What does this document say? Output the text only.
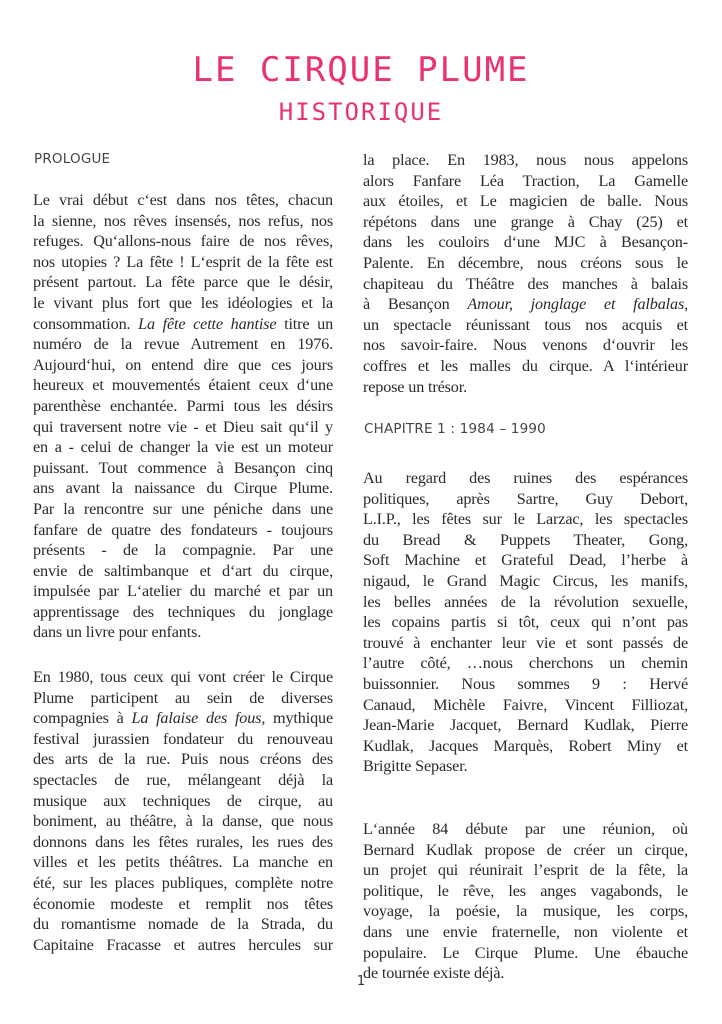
LE CIRQUE PLUME
HISTORIQUE
PROLOGUE
Le vrai début c‘est dans nos têtes, chacun
la sienne, nos rêves insensés, nos refus, nos
refuges. Qu‘allons-nous faire de nos rêves,
nos utopies ? La fête ! L‘esprit de la fête est
présent partout. La fête parce que le désir,
le vivant plus fort que les idéologies et la
consommation. La fête cette hantise titre un
numéro de la revue Autrement en 1976.
Aujourd‘hui, on entend dire que ces jours
heureux et mouvementés étaient ceux d‘une
parenthèse enchantée. Parmi tous les désirs
qui traversent notre vie - et Dieu sait qu‘il y
en a - celui de changer la vie est un moteur
puissant. Tout commence à Besançon cinq
ans avant la naissance du Cirque Plume.
Par la rencontre sur une péniche dans une
fanfare de quatre des fondateurs - toujours
présents - de la compagnie. Par une
envie de saltimbanque et d‘art du cirque,
impulsée par L‘atelier du marché et par un
apprentissage des techniques du jonglage
dans un livre pour enfants.
En 1980, tous ceux qui vont créer le Cirque
Plume participent au sein de diverses
compagnies à La falaise des fous, mythique
festival jurassien fondateur du renouveau
des arts de la rue. Puis nous créons des
spectacles de rue, mélangeant déjà la
musique aux techniques de cirque, au
boniment, au théâtre, à la danse, que nous
donnons dans les fêtes rurales, les rues des
villes et les petits théâtres. La manche en
été, sur les places publiques, complète notre
économie modeste et remplit nos têtes
du romantisme nomade de la Strada, du
Capitaine Fracasse et autres hercules sur
la place. En 1983, nous nous appelons
alors Fanfare Léa Traction, La Gamelle
aux étoiles, et Le magicien de balle. Nous
répétons dans une grange à Chay (25) et
dans les couloirs d‘une MJC à Besançon-
Palente. En décembre, nous créons sous le
chapiteau du Théâtre des manches à balais
à Besançon Amour, jonglage et falbalas,
un spectacle réunissant tous nos acquis et
nos savoir-faire. Nous venons d‘ouvrir les
coffres et les malles du cirque. A l‘intérieur
repose un trésor.
CHAPITRE 1 : 1984 – 1990
Au regard des ruines des espérances
politiques, après Sartre, Guy Debort,
L.I.P., les fêtes sur le Larzac, les spectacles
du Bread & Puppets Theater, Gong,
Soft Machine et Grateful Dead, l’herbe à
nigaud, le Grand Magic Circus, les manifs,
les belles années de la révolution sexuelle,
les copains partis si tôt, ceux qui n’ont pas
trouvé à enchanter leur vie et sont passés de
l’autre côté, …nous cherchons un chemin
buissonnier. Nous sommes 9 : Hervé
Canaud, Michèle Faivre, Vincent Filliozat,
Jean-Marie Jacquet, Bernard Kudlak, Pierre
Kudlak, Jacques Marquès, Robert Miny et
Brigitte Sepaser.
L‘année 84 débute par une réunion, où
Bernard Kudlak propose de créer un cirque,
un projet qui réunirait l’esprit de la fête, la
politique, le rêve, les anges vagabonds, le
voyage, la poésie, la musique, les corps,
dans une envie fraternelle, non violente et
populaire. Le Cirque Plume. Une ébauche
de tournée existe déjà.
1
